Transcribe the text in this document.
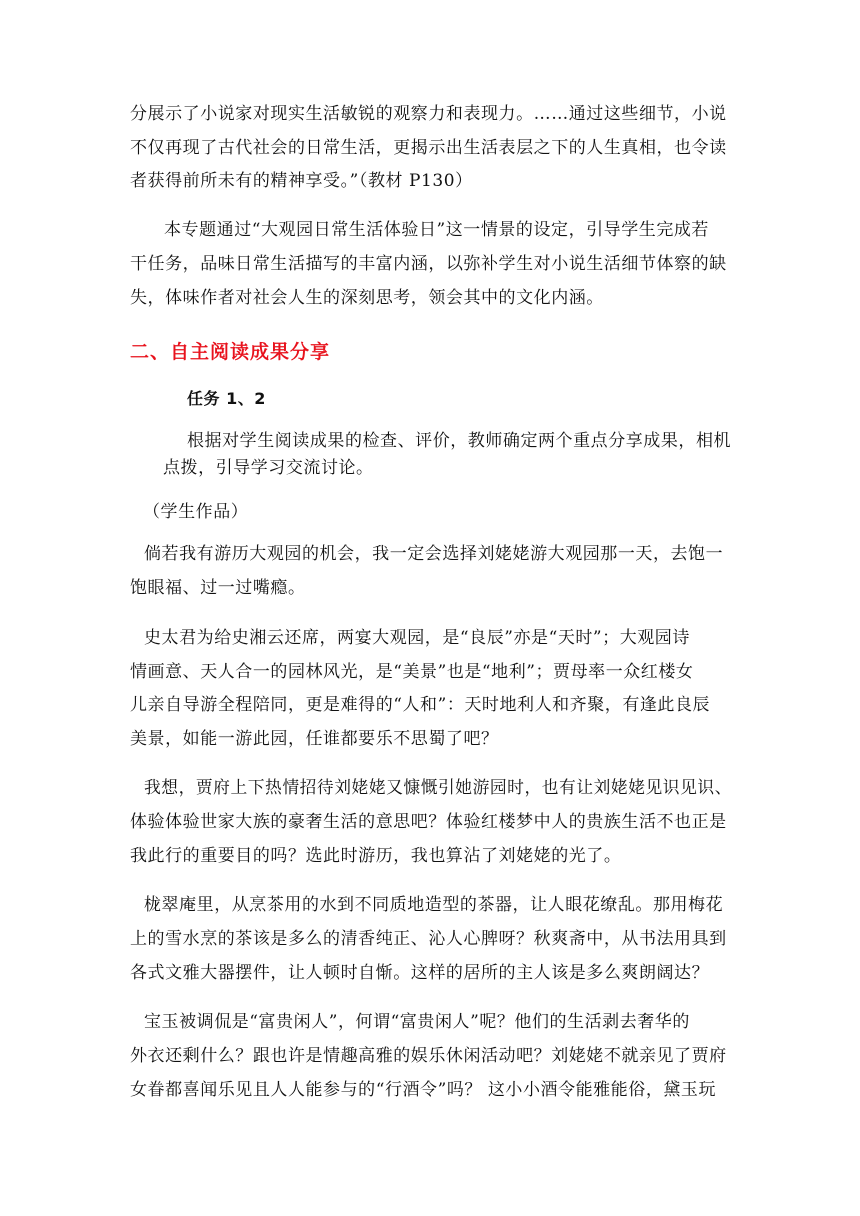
分展示了小说家对现实生活敏锐的观察力和表现力。……通过这些细节，小说
不仅再现了古代社会的日常生活，更揭示出生活表层之下的人生真相，也令读
者获得前所未有的精神享受。”（教材 P130）
本专题通过“大观园日常生活体验日”这一情景的设定，引导学生完成若
干任务，品味日常生活描写的丰富内涵，以弥补学生对小说生活细节体察的缺
失，体味作者对社会人生的深刻思考，领会其中的文化内涵。
二、自主阅读成果分享
任务 1、2
根据对学生阅读成果的检查、评价，教师确定两个重点分享成果，相机
点拨，引导学习交流讨论。
（学生作品）
倘若我有游历大观园的机会，我一定会选择刘姥姥游大观园那一天，去饱一
饱眼福、过一过嘴瘾。
史太君为给史湘云还席，两宴大观园，是“良辰”亦是“天时”；大观园诗
情画意、天人合一的园林风光，是“美景”也是“地利”；贾母率一众红楼女
儿亲自导游全程陪同，更是难得的“人和”：天时地利人和齐聚，有逢此良辰
美景，如能一游此园，任谁都要乐不思蜀了吧？
我想，贾府上下热情招待刘姥姥又慷慨引她游园时，也有让刘姥姥见识见识、
体验体验世家大族的豪奢生活的意思吧？体验红楼梦中人的贵族生活不也正是
我此行的重要目的吗？选此时游历，我也算沾了刘姥姥的光了。
栊翠庵里，从烹茶用的水到不同质地造型的茶器，让人眼花缭乱。那用梅花
上的雪水烹的茶该是多么的清香纯正、沁人心脾呀？秋爽斋中，从书法用具到
各式文雅大器摆件，让人顿时自惭。这样的居所的主人该是多么爽朗阔达？
宝玉被调侃是“富贵闲人”，何谓“富贵闲人”呢？他们的生活剥去奢华的
外衣还剩什么？跟也许是情趣高雅的娱乐休闲活动吧？刘姥姥不就亲见了贾府
女眷都喜闻乐见且人人能参与的“行酒令”吗？ 这小小酒令能雅能俗，黛玉玩
